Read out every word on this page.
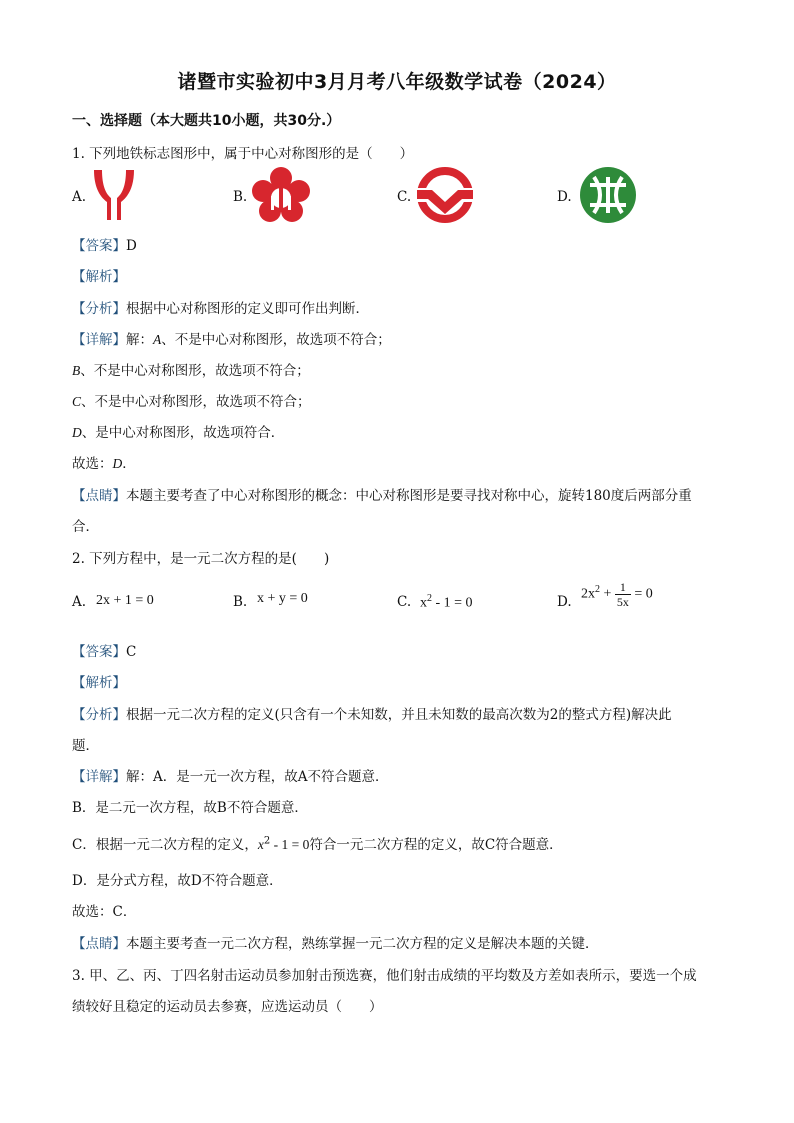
诸暨市实验初中3月月考八年级数学试卷（2024）
一、选择题（本大题共10小题，共30分.）
1. 下列地铁标志图形中，属于中心对称图形的是（　　）
A.	B.	C.	D.
【答案】D
【解析】
【分析】根据中心对称图形的定义即可作出判断．
【详解】解：A、不是中心对称图形，故选项不符合；
B、不是中心对称图形，故选项不符合；
C、不是中心对称图形，故选项不符合；
D、是中心对称图形，故选项符合．
故选：D．
【点睛】本题主要考查了中心对称图形的概念：中心对称图形是要寻找对称中心，旋转180度后两部分重
合．
2. 下列方程中，是一元二次方程的是(　　)
A. 2x + 1 = 0	B. x + y = 0	C. $x^2 - 1 = 0$	D. $2x^2 + \frac{1}{5x} = 0$
【答案】C
【解析】
【分析】根据一元二次方程的定义(只含有一个未知数，并且未知数的最高次数为2的整式方程)解决此
题．
【详解】解：A．是一元一次方程，故A不符合题意．
B．是二元一次方程，故B不符合题意．
C．根据一元二次方程的定义，$x^2 - 1 = 0$符合一元二次方程的定义，故C符合题意．
D．是分式方程，故D不符合题意．
故选：C．
【点睛】本题主要考查一元二次方程，熟练掌握一元二次方程的定义是解决本题的关键．
3. 甲、乙、丙、丁四名射击运动员参加射击预选赛，他们射击成绩的平均数及方差如表所示，要选一个成
绩较好且稳定的运动员去参赛，应选运动员（　　）
